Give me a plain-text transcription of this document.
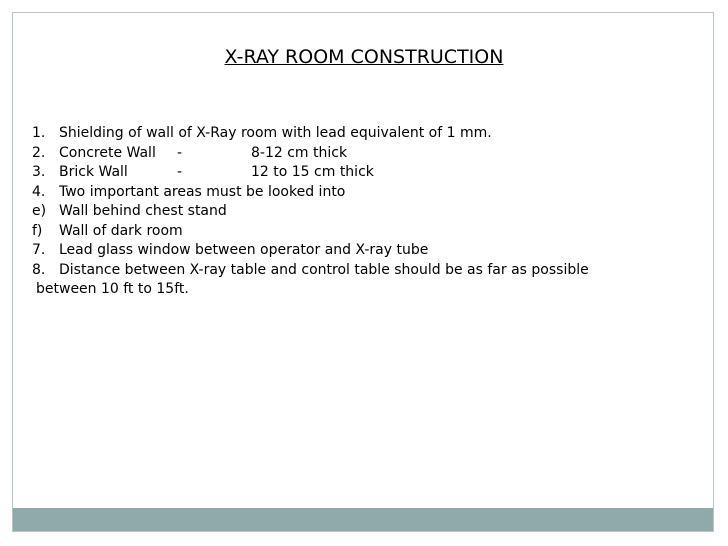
X-RAY ROOM CONSTRUCTION
1. Shielding of wall of X-Ray room with lead equivalent of 1 mm.
2. Concrete Wall	-	8-12 cm thick
3. Brick Wall	-	12 to 15 cm thick
4. Two important areas must be looked into
e) Wall behind chest stand
f)	Wall of dark room
7. Lead glass window between operator and X-ray tube
8. Distance between X-ray table and control table should be as far as possible
between 10 ft to 15ft.
